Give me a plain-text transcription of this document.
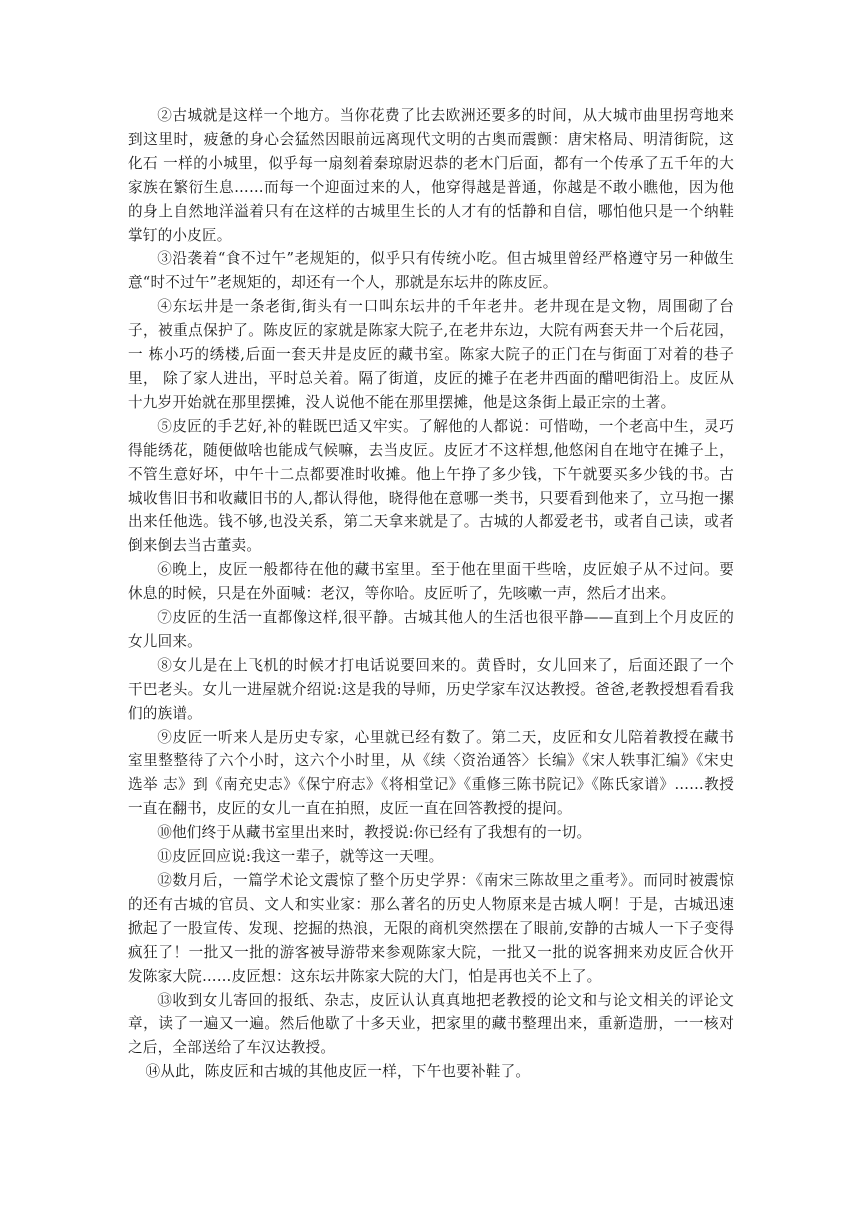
②古城就是这样一个地方。当你花费了比去欧洲还要多的时间，从大城市曲里拐弯地来到这里时，疲惫的身心会猛然因眼前远离现代文明的古奥而震颤：唐宋格局、明清街院，这化石 一样的小城里，似乎每一扇刻着秦琼尉迟恭的老木门后面，都有一个传承了五千年的大家族在繁衍生息……而每一个迎面过来的人，他穿得越是普通，你越是不敢小瞧他，因为他的身上自然地洋溢着只有在这样的古城里生长的人才有的恬静和自信，哪怕他只是一个纳鞋掌钉的小皮匠。

③沿袭着“食不过午”老规矩的，似乎只有传统小吃。但古城里曾经严格遵守另一种做生意“时不过午”老规矩的，却还有一个人，那就是东坛井的陈皮匠。

④东坛井是一条老街,街头有一口叫东坛井的千年老井。老井现在是文物，周围砌了台子，被重点保护了。陈皮匠的家就是陈家大院子,在老井东边，大院有两套天井一个后花园，一 栋小巧的绣楼,后面一套天井是皮匠的藏书室。陈家大院子的正门在与街面丁对着的巷子里， 除了家人进出，平时总关着。隔了街道，皮匠的摊子在老井西面的醋吧街沿上。皮匠从十九岁开始就在那里摆摊，没人说他不能在那里摆摊，他是这条街上最正宗的土著。

⑤皮匠的手艺好,补的鞋既巴适又牢实。了解他的人都说：可惜呦，一个老高中生，灵巧得能绣花，随便做啥也能成气候嘛，去当皮匠。皮匠才不这样想,他悠闲自在地守在摊子上，不管生意好坏，中午十二点都要准时收摊。他上午挣了多少钱，下午就要买多少钱的书。古城收售旧书和收藏旧书的人,都认得他，晓得他在意哪一类书，只要看到他来了，立马抱一摞出来任他选。钱不够,也没关系，第二天拿来就是了。古城的人都爱老书，或者自己读，或者倒来倒去当古董卖。

⑥晚上，皮匠一般都待在他的藏书室里。至于他在里面干些啥，皮匠娘子从不过问。要休息的时候，只是在外面喊：老汉，等你哈。皮匠听了，先咳嗽一声，然后才出来。

⑦皮匠的生活一直都像这样,很平静。古城其他人的生活也很平静——直到上个月皮匠的女儿回来。

⑧女儿是在上飞机的时候才打电话说要回来的。黄昏时，女儿回来了，后面还跟了一个干巴老头。女儿一进屋就介绍说:这是我的导师，历史学家车汉达教授。爸爸,老教授想看看我们的族谱。

⑨皮匠一听来人是历史专家，心里就已经有数了。第二天，皮匠和女儿陪着教授在藏书室里整整待了六个小时，这六个小时里，从《续〈资治通答〉长编》《宋人轶事汇编》《宋史选举 志》到《南充史志》《保宁府志》《将相堂记》《重修三陈书院记》《陈氏家谱》……教授一直在翻书，皮匠的女儿一直在拍照，皮匠一直在回答教授的提问。

⑩他们终于从藏书室里出来时，教授说:你已经有了我想有的一切。

⑪皮匠回应说:我这一辈子，就等这一天哩。

⑫数月后，一篇学术论文震惊了整个历史学界：《南宋三陈故里之重考》。而同时被震惊的还有古城的官员、文人和实业家：那么著名的历史人物原来是古城人啊！于是，古城迅速掀起了一股宣传、发现、挖掘的热浪，无限的商机突然摆在了眼前,安静的古城人一下子变得疯狂了！一批又一批的游客被导游带来参观陈家大院，一批又一批的说客拥来劝皮匠合伙开发陈家大院……皮匠想：这东坛井陈家大院的大门，怕是再也关不上了。

⑬收到女儿寄回的报纸、杂志，皮匠认认真真地把老教授的论文和与论文相关的评论文章，读了一遍又一遍。然后他歇了十多天业，把家里的藏书整理出来，重新造册，一一核对之后，全部送给了车汉达教授。

⑭从此，陈皮匠和古城的其他皮匠一样，下午也要补鞋了。
